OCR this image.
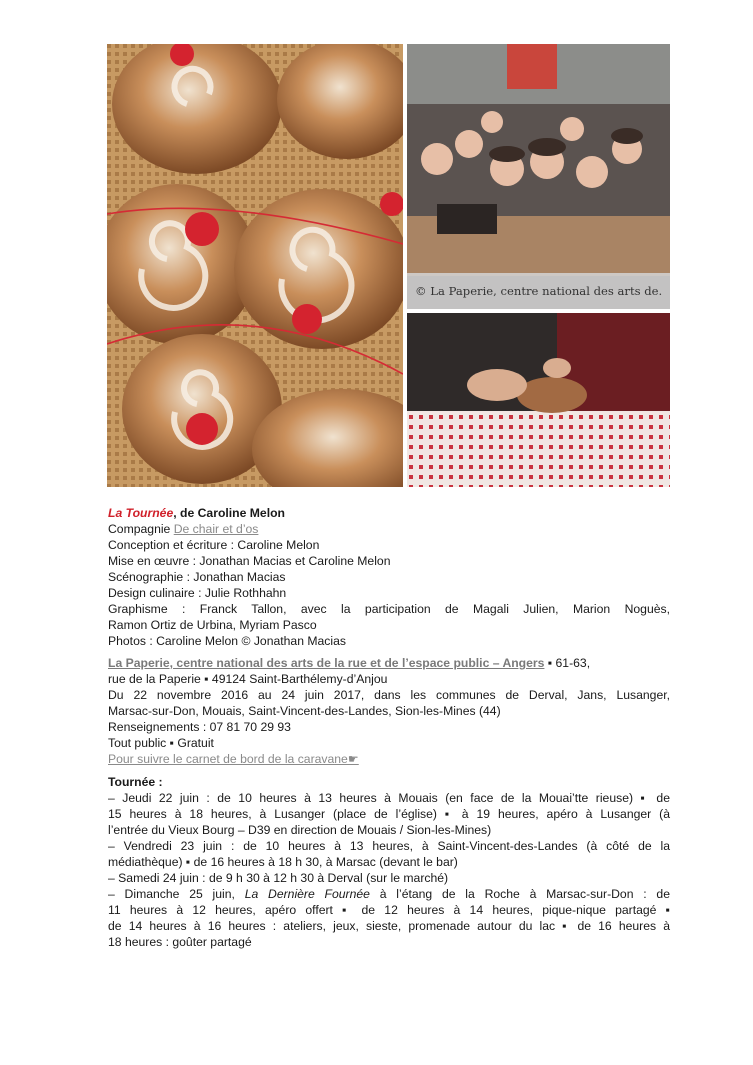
© La Paperie, centre national des arts de.
La Tournée, de Caroline Melon
Compagnie De chair et d’os
Conception et écriture : Caroline Melon
Mise en œuvre : Jonathan Macias et Caroline Melon
Scénographie : Jonathan Macias
Design culinaire : Julie Rothhahn
Graphisme : Franck Tallon, avec la participation de Magali Julien, Marion Noguès,
Ramon Ortiz de Urbina, Myriam Pasco
Photos : Caroline Melon © Jonathan Macias
La Paperie, centre national des arts de la rue et de l’espace public – Angers ▪ 61-63,
rue de la Paperie ▪ 49124 Saint-Barthélemy-d’Anjou
Du 22 novembre 2016 au 24 juin 2017, dans les communes de Derval, Jans, Lusanger,
Marsac-sur-Don, Mouais, Saint-Vincent-des-Landes, Sion-les-Mines (44)
Renseignements : 07 81 70 29 93
Tout public ▪ Gratuit
Pour suivre le carnet de bord de la caravane☛
Tournée :
– Jeudi 22 juin : de 10 heures à 13 heures à Mouais (en face de la Mouai’tte rieuse) ▪ de
15 heures à 18 heures, à Lusanger (place de l’église) ▪ à 19 heures, apéro à Lusanger (à
l’entrée du Vieux Bourg – D39 en direction de Mouais / Sion-les-Mines)
– Vendredi 23 juin : de 10 heures à 13 heures, à Saint-Vincent-des-Landes (à côté de la
médiathèque) ▪ de 16 heures à 18 h 30, à Marsac (devant le bar)
– Samedi 24 juin : de 9 h 30 à 12 h 30 à Derval (sur le marché)
– Dimanche 25 juin, La Dernière Fournée à l’étang de la Roche à Marsac-sur-Don : de
11 heures à 12 heures, apéro offert ▪ de 12 heures à 14 heures, pique-nique partagé ▪
de 14 heures à 16 heures : ateliers, jeux, sieste, promenade autour du lac ▪ de 16 heures à
18 heures : goûter partagé
